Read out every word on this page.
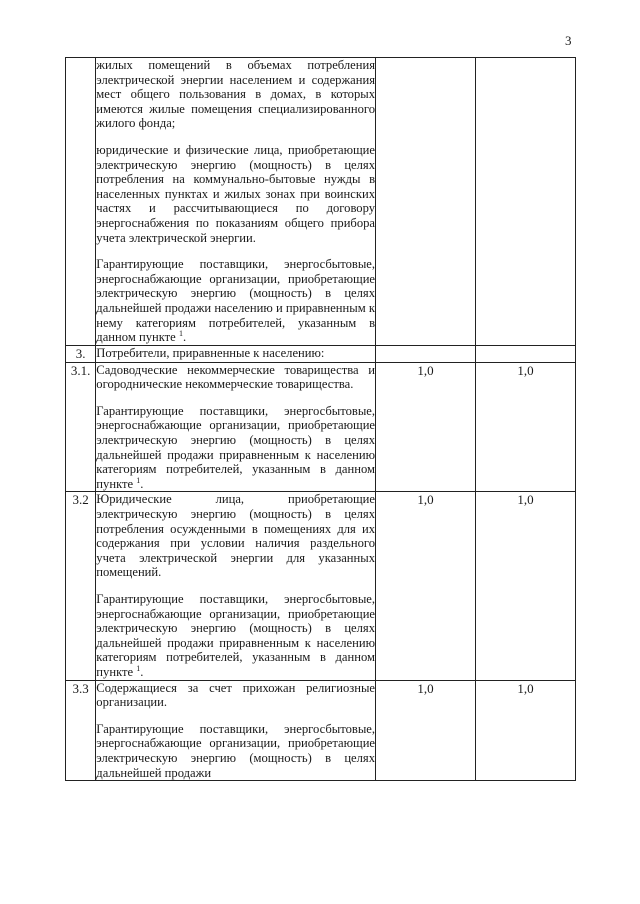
3

	жилых помещений в объемах потребления электрической энергии населением и содержания мест общего пользования в домах, в которых имеются жилые помещения специализированного жилого фонда;

юридические и физические лица, приобретающие электрическую энергию (мощность) в целях потребления на коммунально-бытовые нужды в населенных пунктах и жилых зонах при воинских частях и рассчитывающиеся по договору энергоснабжения по показаниям общего прибора учета электрической энергии.

Гарантирующие поставщики, энергосбытовые, энергоснабжающие организации, приобретающие электрическую энергию (мощность) в целях дальнейшей продажи населению и приравненным к нему категориям потребителей, указанным в данном пункте $^1$.		

3.	Потребители, приравненные к населению:		

3.1.	Садоводческие некоммерческие товарищества и огороднические некоммерческие товарищества.

Гарантирующие поставщики, энергосбытовые, энергоснабжающие организации, приобретающие электрическую энергию (мощность) в целях дальнейшей продажи приравненным к населению категориям потребителей, указанным в данном пункте $^1$.	1,0	1,0
3.2	Юридические лица, приобретающие электрическую энергию (мощность) в целях потребления осужденными в помещениях для их содержания при условии наличия раздельного учета электрической энергии для указанных помещений.

Гарантирующие поставщики, энергосбытовые, энергоснабжающие организации, приобретающие электрическую энергию (мощность) в целях дальнейшей продажи приравненным к населению категориям потребителей, указанным в данном пункте $^1$.	1,0	1,0
3.3	Содержащиеся за счет прихожан религиозные организации.

Гарантирующие поставщики, энергосбытовые, энергоснабжающие организации, приобретающие электрическую энергию (мощность) в целях дальнейшей продажи	1,0	1,0
